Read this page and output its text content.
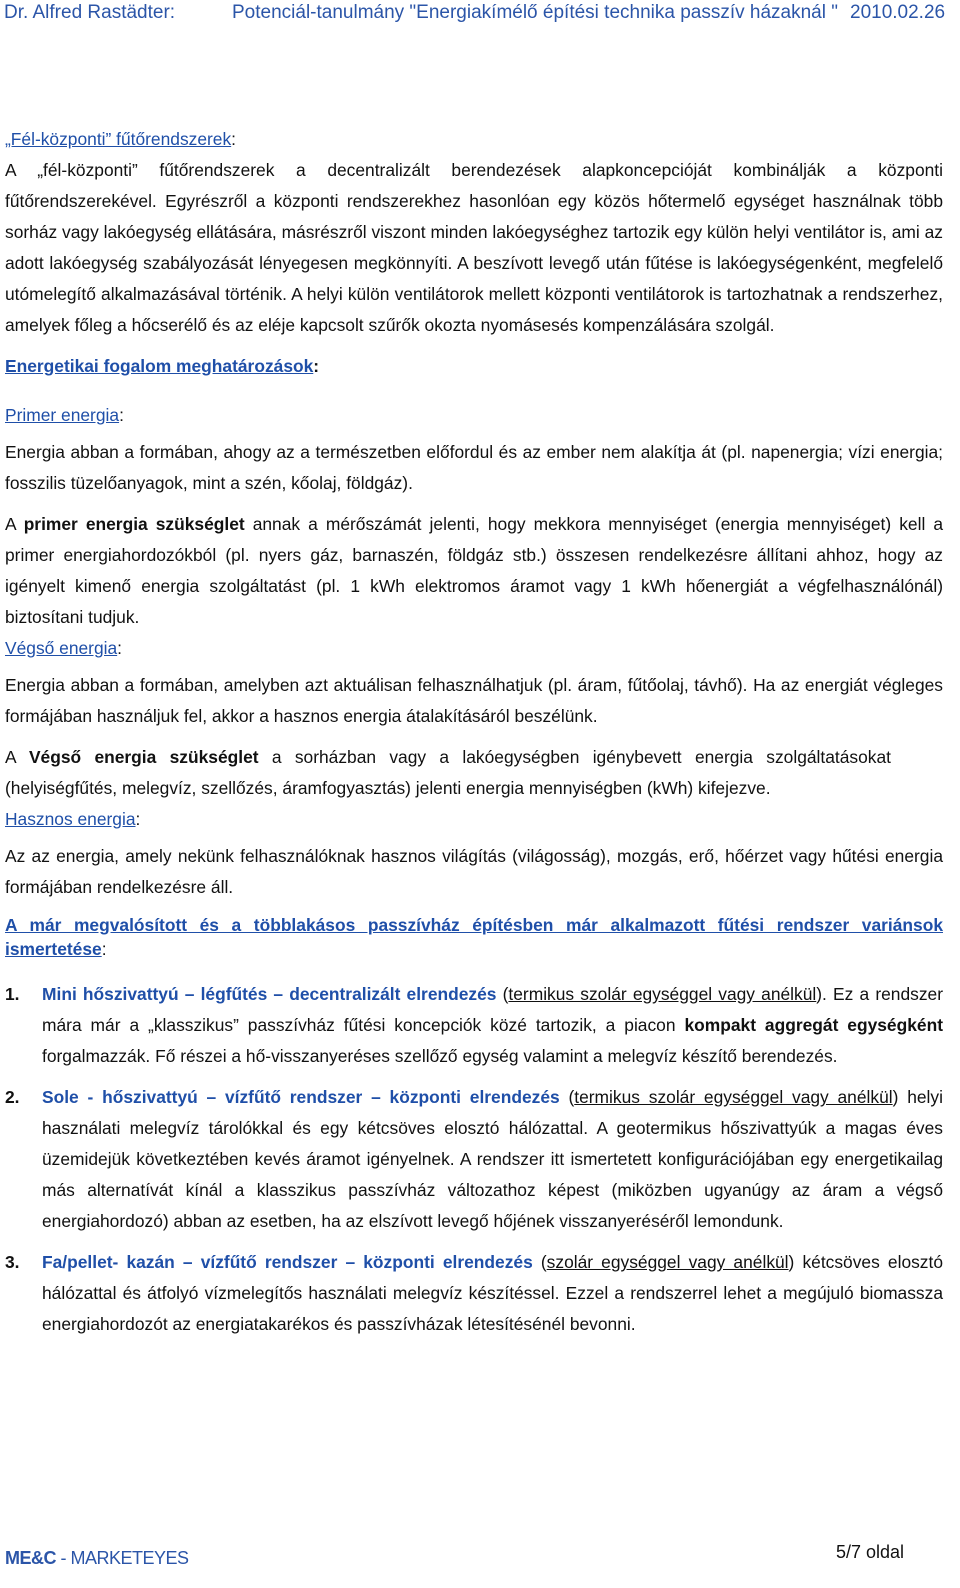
Dr. Alfred Rastädter:	Potenciál-tanulmány "Energiakímélő építési technika passzív házaknál " 2010.02.26

„Fél-központi” fűtőrendszerek:

A „fél-központi” fűtőrendszerek a decentralizált berendezések alapkoncepcióját kombinálják a központi fűtőrendszerekével. Egyrészről a központi rendszerekhez hasonlóan egy közös hőtermelő egységet használnak több sorház vagy lakóegység ellátására, másrészről viszont minden lakóegységhez tartozik egy külön helyi ventilátor is, ami az adott lakóegység szabályozását lényegesen megkönnyíti. A beszívott levegő után fűtése is lakóegységenként, megfelelő utómelegítő alkalmazásával történik. A helyi külön ventilátorok mellett központi ventilátorok is tartozhatnak a rendszerhez, amelyek főleg a hőcserélő és az eléje kapcsolt szűrők okozta nyomásesés kompenzálására szolgál.

Energetikai fogalom meghatározások:

Primer energia:

Energia abban a formában, ahogy az a természetben előfordul és az ember nem alakítja át (pl. napenergia; vízi energia; fosszilis tüzelőanyagok, mint a szén, kőolaj, földgáz).

A primer energia szükséglet annak a mérőszámát jelenti, hogy mekkora mennyiséget (energia mennyiséget) kell a primer energiahordozókból (pl. nyers gáz, barnaszén, földgáz stb.) összesen rendelkezésre állítani ahhoz, hogy az igényelt kimenő energia szolgáltatást (pl. 1 kWh elektromos áramot vagy 1 kWh hőenergiát a végfelhasználónál) biztosítani tudjuk.

Végső energia:

Energia abban a formában, amelyben azt aktuálisan felhasználhatjuk (pl. áram, fűtőolaj, távhő). Ha az energiát végleges formájában használjuk fel, akkor a hasznos energia átalakításáról beszélünk.

A Végső energia szükséglet a sorházban vagy a lakóegységben igénybevett energia szolgáltatásokat (helyiségfűtés, melegvíz, szellőzés, áramfogyasztás) jelenti energia mennyiségben (kWh) kifejezve.

Hasznos energia:

Az az energia, amely nekünk felhasználóknak hasznos világítás (világosság), mozgás, erő, hőérzet vagy hűtési energia formájában rendelkezésre áll.

A már megvalósított és a többlakásos passzívház építésben már alkalmazott fűtési rendszer variánsok ismertetése:

1. Mini hőszivattyú – légfűtés – decentralizált elrendezés (termikus szolár egységgel vagy anélkül). Ez a rendszer mára már a „klasszikus” passzívház fűtési koncepciók közé tartozik, a piacon kompakt aggregát egységként forgalmazzák. Fő részei a hő-visszanyeréses szellőző egység valamint a melegvíz készítő berendezés.
2. Sole - hőszivattyú – vízfűtő rendszer – központi elrendezés (termikus szolár egységgel vagy anélkül) helyi használati melegvíz tárolókkal és egy kétcsöves elosztó hálózattal. A geotermikus hőszivattyúk a magas éves üzemidejük következtében kevés áramot igényelnek. A rendszer itt ismertetett konfigurációjában egy energetikailag más alternatívát kínál a klasszikus passzívház változathoz képest (miközben ugyanúgy az áram a végső energiahordozó) abban az esetben, ha az elszívott levegő hőjének visszanyeréséről lemondunk.
3. Fa/pellet- kazán – vízfűtő rendszer – központi elrendezés (szolár egységgel vagy anélkül) kétcsöves elosztó hálózattal és átfolyó vízmelegítős használati melegvíz készítéssel. Ezzel a rendszerrel lehet a megújuló biomassza energiahordozót az energiatakarékos és passzívházak létesítésénél bevonni.
ME&C - MARKETEYES	5/7 oldal
